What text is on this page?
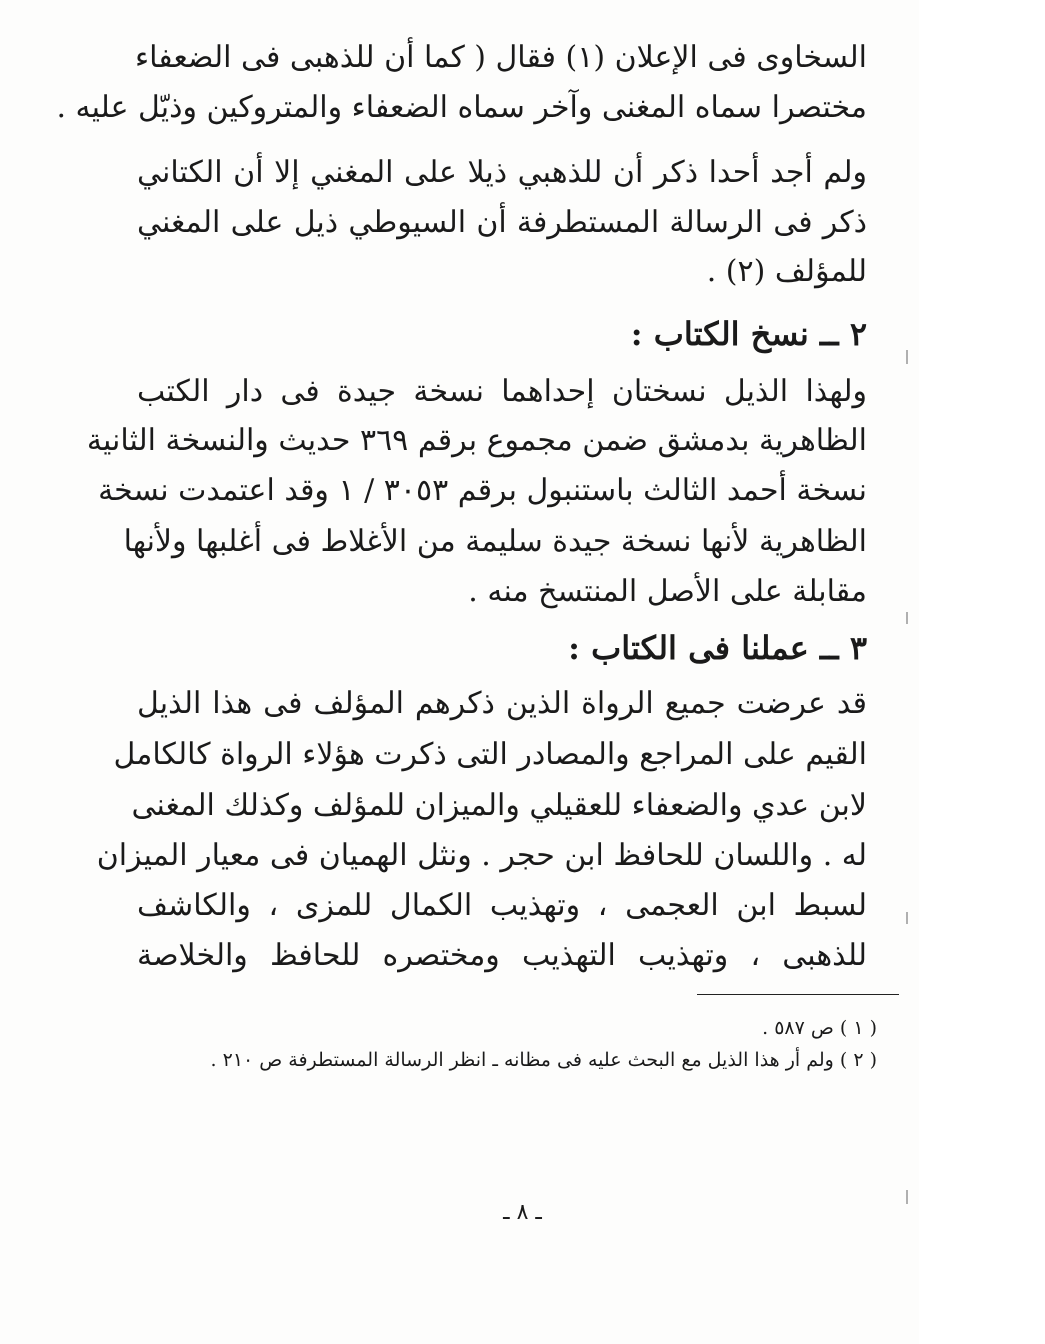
السخاوى فى الإعلان (١) فقال ( كما أن للذهبى فى الضعفاء
مختصرا سماه المغنى وآخر سماه الضعفاء والمتروكين وذيّل عليه .
ولم أجد أحدا ذكر أن للذهبي ذيلا على المغني إلا أن الكتاني
ذكر فى الرسالة المستطرفة أن السيوطي ذيل على المغني
للمؤلف (٢) .
٢ ــ نسخ الكتاب :
ولهذا الذيل نسختان إحداهما نسخة جيدة فى دار الكتب
الظاهرية بدمشق ضمن مجموع برقم ٣٦٩ حديث والنسخة الثانية
نسخة أحمد الثالث باستنبول برقم ٣٠٥٣ / ١ وقد اعتمدت نسخة
الظاهرية لأنها نسخة جيدة سليمة من الأغلاط فى أغلبها ولأنها
مقابلة على الأصل المنتسخ منه .
٣ ــ عملنا فى الكتاب :
قد عرضت جميع الرواة الذين ذكرهم المؤلف فى هذا الذيل
القيم على المراجع والمصادر التى ذكرت هؤلاء الرواة كالكامل
لابن عدي والضعفاء للعقيلي والميزان للمؤلف وكذلك المغنى
له . واللسان للحافظ ابن حجر . ونثل الهميان فى معيار الميزان
لسبط ابن العجمى ، وتهذيب الكمال للمزى ، والكاشف
للذهبى ، وتهذيب التهذيب ومختصره للحافظ والخلاصة
( ١ ) ص ٥٨٧ .
( ٢ ) ولم أر هذا الذيل مع البحث عليه فى مظانه ـ انظر الرسالة المستطرفة ص ٢١٠ .
ـ ٨ ـ
